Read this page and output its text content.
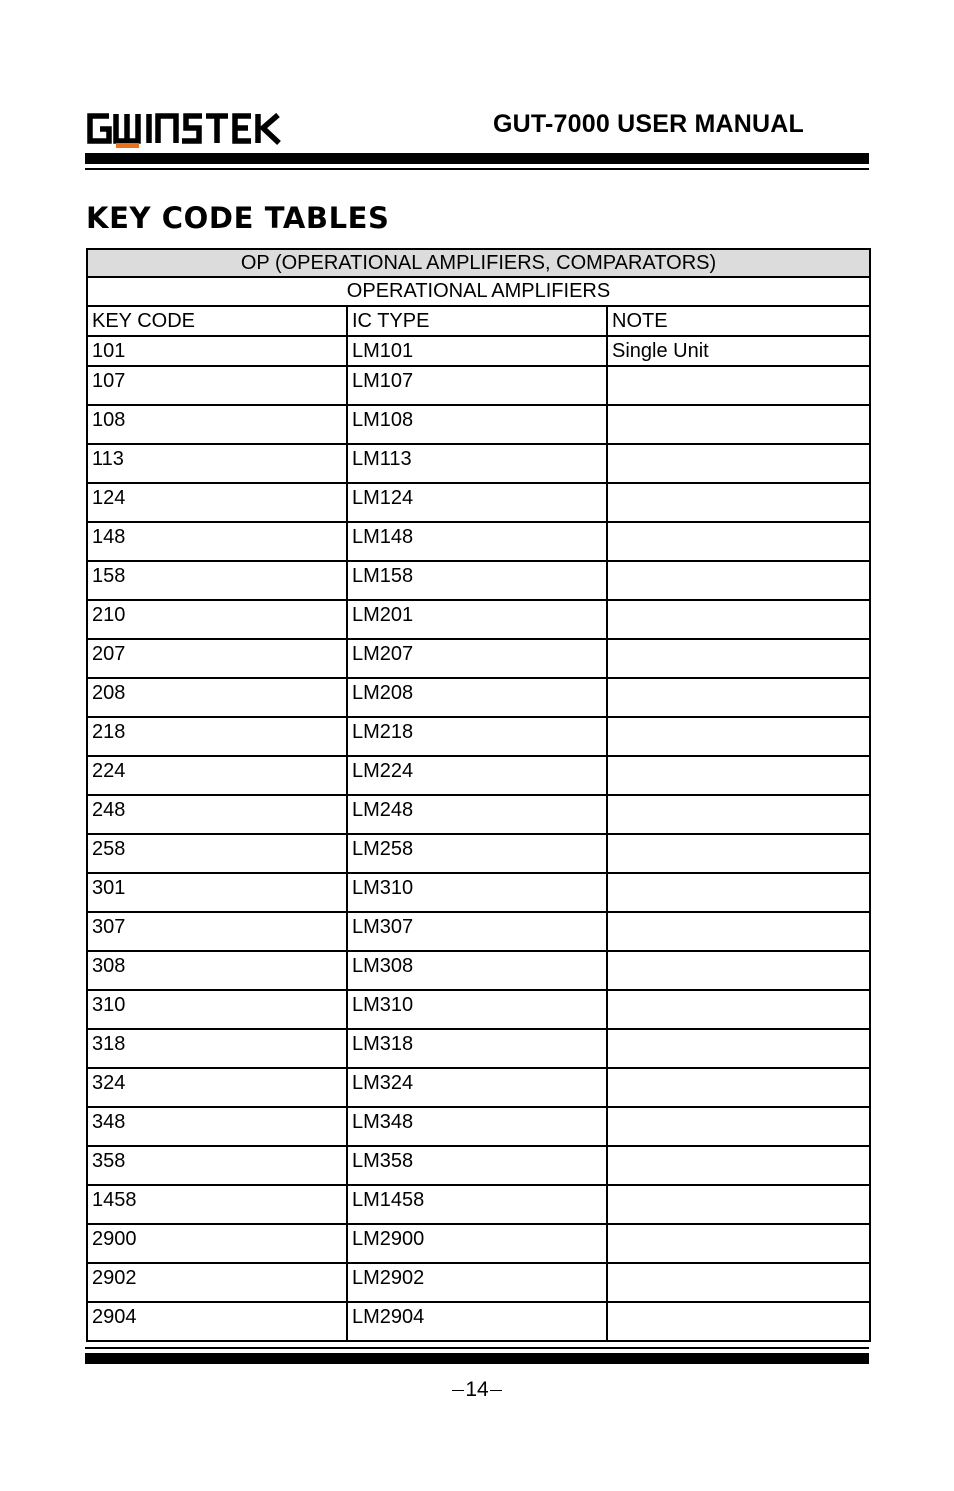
GUT-7000 USER MANUAL
KEY CODE TABLES
OP (OPERATIONAL AMPLIFIERS, COMPARATORS)		
OPERATIONAL AMPLIFIERS		
KEY CODE	IC TYPE	NOTE
101	LM101	Single Unit
107	LM107	
108	LM108	
113	LM113	
124	LM124	
148	LM148	
158	LM158	
210	LM201	
207	LM207	
208	LM208	
218	LM218	
224	LM224	
248	LM248	
258	LM258	
301	LM310	
307	LM307	
308	LM308	
310	LM310	
318	LM318	
324	LM324	
348	LM348	
358	LM358	
1458	LM1458	
2900	LM2900	
2902	LM2902	
2904	LM2904	
14
